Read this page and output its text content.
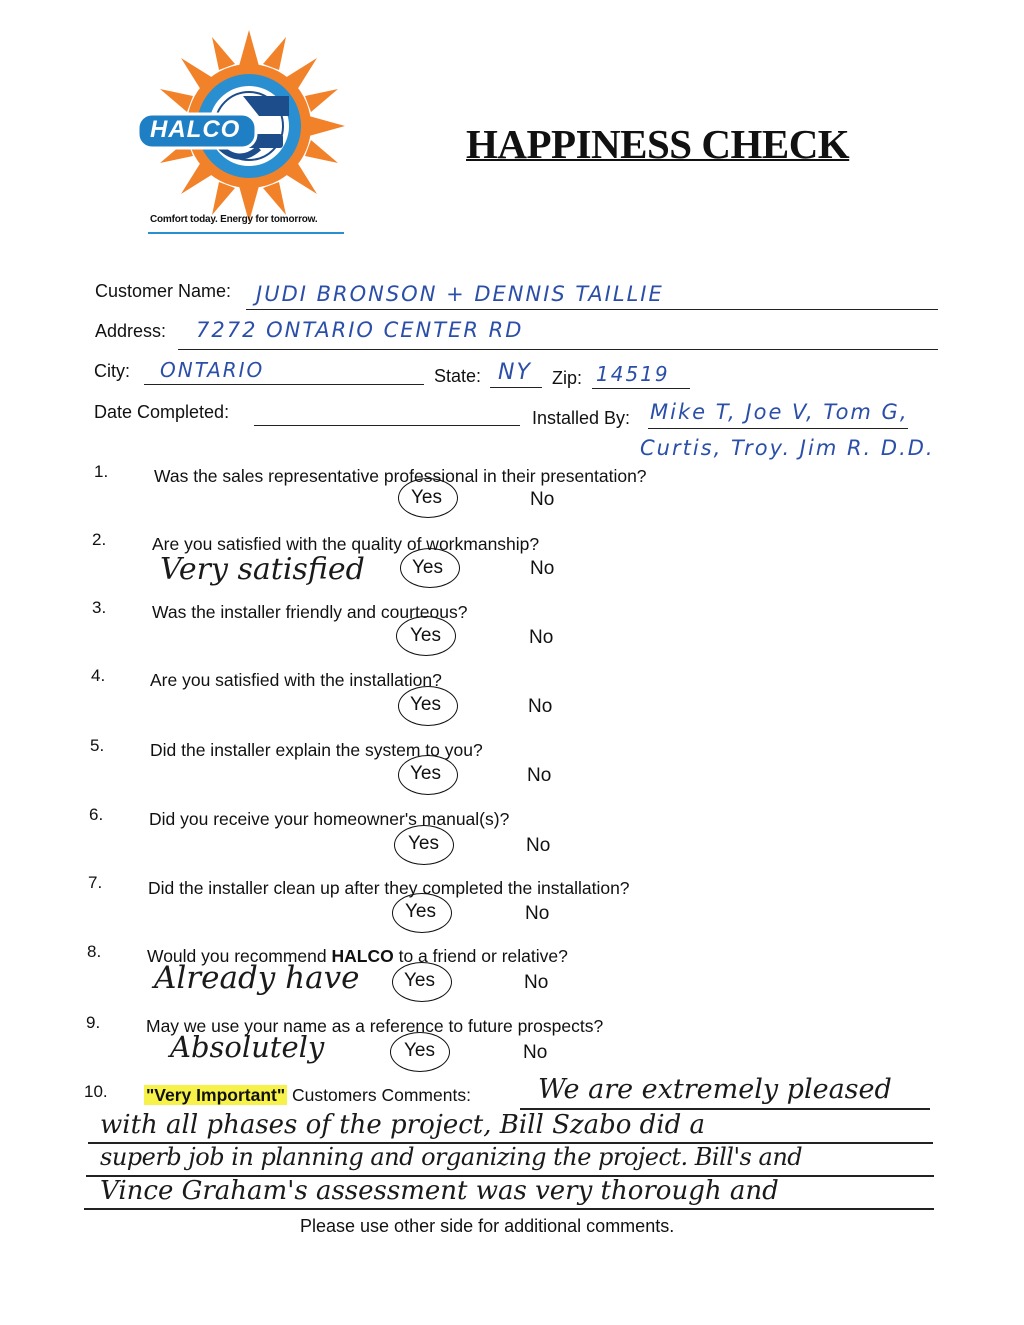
HALCO
Comfort today. Energy for tomorrow.
HAPPINESS CHECK
Customer Name: JUDI BRONSON + DENNIS TAILLIE
Address: 7272 ONTARIO CENTER RD
City: ONTARIO	State: NY Zip: 14519
Date Completed:	Installed By: Mike T, Joe V, Tom G,
Curtis, Troy. Jim R. D.D.
1.	Was the sales representative professional in their presentation?
Yes	No
2.	Are you satisfied with the quality of workmanship?
Very satisfied Yes	No
3.	Was the installer friendly and courteous?
Yes	No
4.	Are you satisfied with the installation?
Yes	No
5.	Did the installer explain the system to you?
Yes	No
6.	Did you receive your homeowner's manual(s)?
Yes	No
7.	Did the installer clean up after they completed the installation?
Yes	No
8.	Would you recommend HALCO to a friend or relative?
Already have Yes	No
9.	May we use your name as a reference to future prospects?
Absolutely	Yes	No
10. "Very Important" Customers Comments: We are extremely pleased
with all phases of the project, Bill Szabo did a
superb job in planning and organizing the project. Bill's and
Vince Graham's assessment was very thorough and
Please use other side for additional comments.
